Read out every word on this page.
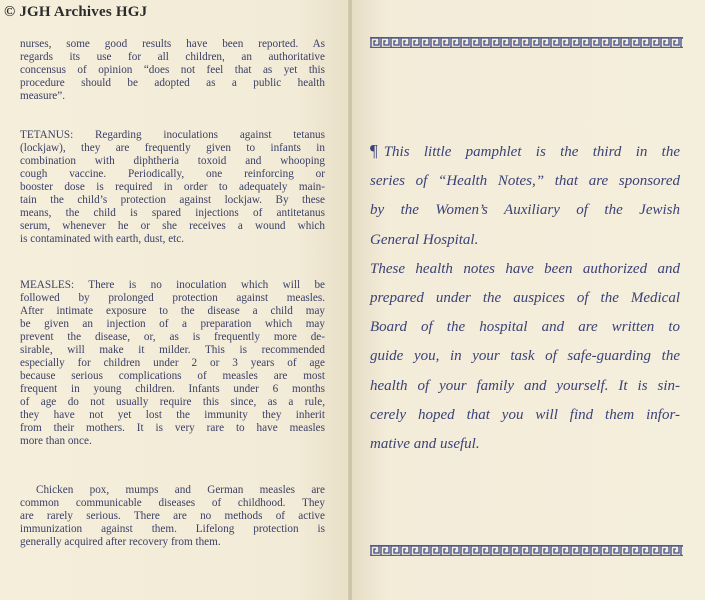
© JGH Archives HGJ
nurses, some good results have been reported. As
regards its use for all children, an authoritative
concensus of opinion “does not feel that as yet this
procedure should be adopted as a public health
measure”.
TETANUS: Regarding inoculations against tetanus
(lockjaw), they are frequently given to infants in
combination with diphtheria toxoid and whooping
cough vaccine. Periodically, one reinforcing or
booster dose is required in order to adequately main-
tain the child’s protection against lockjaw. By these
means, the child is spared injections of antitetanus
serum, whenever he or she receives a wound which
is contaminated with earth, dust, etc.
MEASLES: There is no inoculation which will be
followed by prolonged protection against measles.
After intimate exposure to the disease a child may
be given an injection of a preparation which may
prevent the disease, or, as is frequently more de-
sirable, will make it milder. This is recommended
especially for children under 2 or 3 years of age
because serious complications of measles are most
frequent in young children. Infants under 6 months
of age do not usually require this since, as a rule,
they have not yet lost the immunity they inherit
from their mothers. It is very rare to have measles
more than once.
Chicken pox, mumps and German measles are
common communicable diseases of childhood. They
are rarely serious. There are no methods of active
immunization against them. Lifelong protection is
generally acquired after recovery from them.
¶ This little pamphlet is the third in the
series of “Health Notes,” that are sponsored
by the Women’s Auxiliary of the Jewish
General Hospital.
These health notes have been authorized and
prepared under the auspices of the Medical
Board of the hospital and are written to
guide you, in your task of safe-guarding the
health of your family and yourself. It is sin-
cerely hoped that you will find them infor-
mative and useful.
